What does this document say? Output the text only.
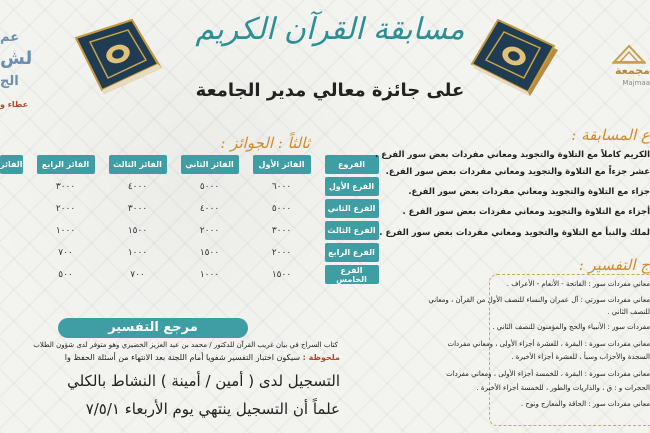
عم
لش
الج
عطاء و
مجمعة
Majmaa
مسابقة القرآن الكريم
على جائزة معالي مدير الجامعة
ثالثاً : الجوائز :
الفروع		الفائز الأول		الفائز الثاني		الفائز الثالث		الفائز الرابع		الفائز
الفرع الأول		٦٠٠٠		٥٠٠٠		٤٠٠٠		٣٠٠٠		
الفرع الثاني		٥٠٠٠		٤٠٠٠		٣٠٠٠		٢٠٠٠		
الفرع الثالث		٣٠٠٠		٢٠٠٠		١٥٠٠		١٠٠٠		
الفرع الرابع		٢٠٠٠		١٥٠٠		١٠٠٠		٧٠٠		
الفرع الخامس		١٥٠٠		١٠٠٠		٧٠٠		٥٠٠		
مرجع التفسير
كتاب السراج في بيان غريب القرآن للدكتور / محمد بن عبد العزيز الخضيري وهو متوفر لدى شؤون الطلاب
ملحوظة : سيكون اختبار التفسير شفويا أمام اللجنة بعد الانتهاء من أسئلة الحفظ وا
التسجيل لدى ( أمين / أمينة ) النشاط بالكلي
علماً أن التسجيل ينتهي يوم الأربعاء ٧/٥/١
ع المسابقة :
الكريم كاملاً مع التلاوة والتجويد ومعاني مفردات بعض سور الفرع .
عشر جزءاً مع التلاوة والتجويد ومعاني مفردات بعض سور الفرع.
جزاء مع التلاوة والتجويد ومعاني مفردات بعض سور الفرع.
أجزاء مع التلاوة والتجويد ومعاني مفردات بعض سور الفرع .
لملك والنبأ مع التلاوة والتجويد ومعاني مفردات بعض سور الفرع .
ج التفسير :
معاني مفردات سور : الفاتحة - الأنعام - الأعراف .
معاني مفردات سورتي : آل عمران والنساء للنصف الأول من القرآن ، ومعاني
للنصف الثاني .
مفردات سور : الأنبياء والحج والمؤمنون للنصف الثاني .
معاني مفردات سورة : البقرة ، للعشرة أجزاء الأولى ، ومعاني مفردات
السجدة والأحزاب وسبأ ، للعشرة أجزاء الأخيرة .
معاني مفردات سورة : البقرة ، للخمسة أجزاء الأولى ، ومعاني مفردات
الحجرات و : ق ، والذاريات والطور ، للخمسة أجزاء الأخيرة .
معاني مفردات سور : الحاقة والمعارج ونوح .
